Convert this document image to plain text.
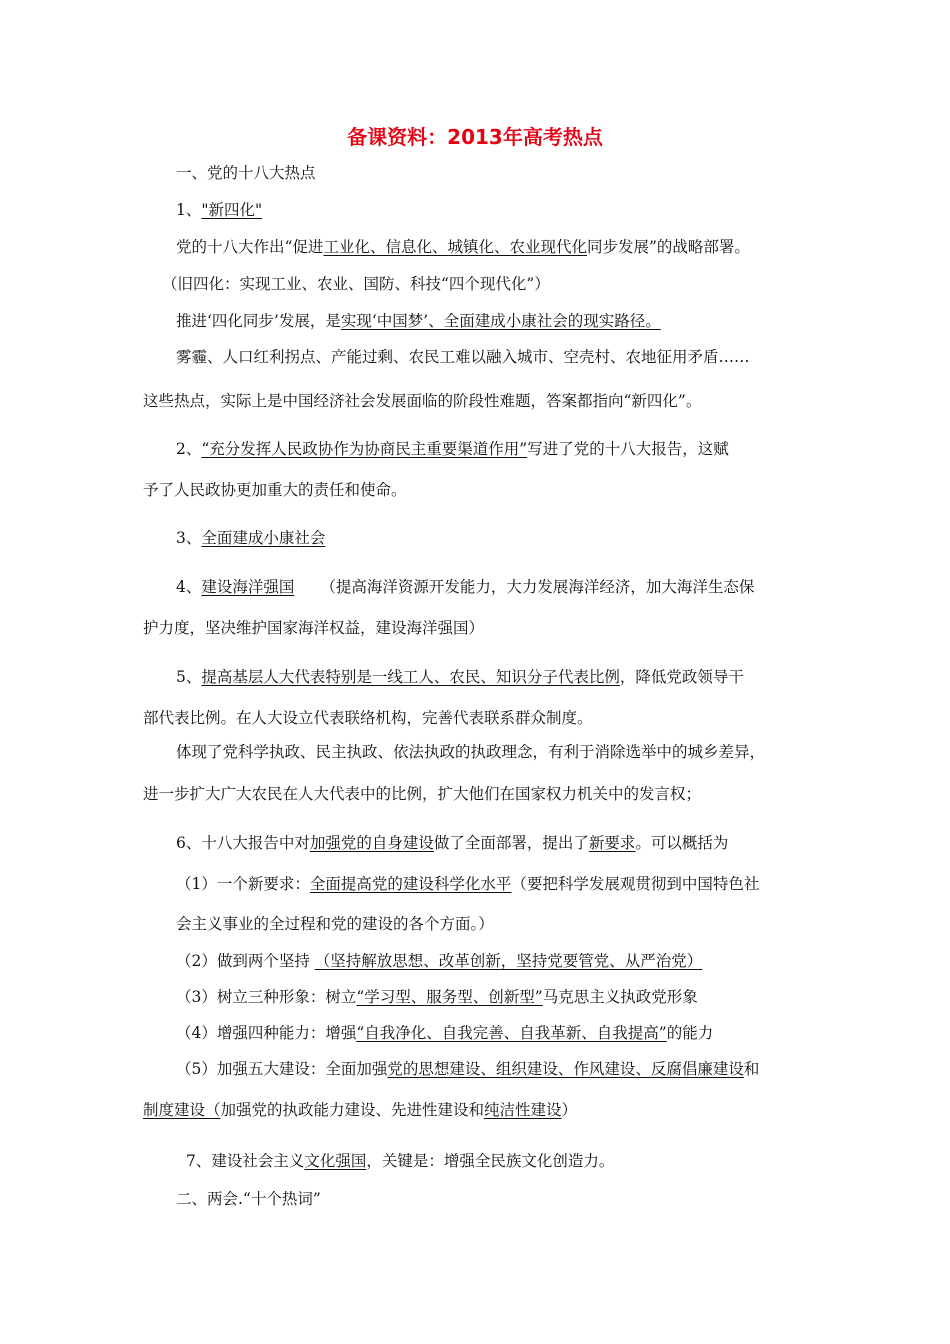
备课资料：2013年高考热点

一、党的十八大热点

1、"新四化"

党的十八大作出“促进工业化、信息化、城镇化、农业现代化同步发展”的战略部署。

（旧四化：实现工业、农业、国防、科技“四个现代化”）

推进‘四化同步’发展，是实现‘中国梦’、全面建成小康社会的现实路径。

雾霾、人口红利拐点、产能过剩、农民工难以融入城市、空壳村、农地征用矛盾……

这些热点，实际上是中国经济社会发展面临的阶段性难题，答案都指向“新四化”。

2、“充分发挥人民政协作为协商民主重要渠道作用”写进了党的十八大报告，这赋

予了人民政协更加重大的责任和使命。

3、全面建成小康社会

4、建设海洋强国 （提高海洋资源开发能力，大力发展海洋经济，加大海洋生态保

护力度，坚决维护国家海洋权益，建设海洋强国）

5、提高基层人大代表特别是一线工人、农民、知识分子代表比例，降低党政领导干

部代表比例。在人大设立代表联络机构，完善代表联系群众制度。

体现了党科学执政、民主执政、依法执政的执政理念，有利于消除选举中的城乡差异，

进一步扩大广大农民在人大代表中的比例，扩大他们在国家权力机关中的发言权；

6、十八大报告中对加强党的自身建设做了全面部署，提出了新要求。可以概括为

（1）一个新要求：全面提高党的建设科学化水平（要把科学发展观贯彻到中国特色社

会主义事业的全过程和党的建设的各个方面。）

（2）做到两个坚持 （坚持解放思想、改革创新，坚持党要管党、从严治党）

（3）树立三种形象：树立“学习型、服务型、创新型”马克思主义执政党形象

（4）增强四种能力：增强“自我净化、自我完善、自我革新、自我提高”的能力

（5）加强五大建设：全面加强党的思想建设、组织建设、作风建设、反腐倡廉建设和

制度建设（加强党的执政能力建设、先进性建设和纯洁性建设）

7、建设社会主义文化强国，关键是：增强全民族文化创造力。

二、两会.“十个热词”
